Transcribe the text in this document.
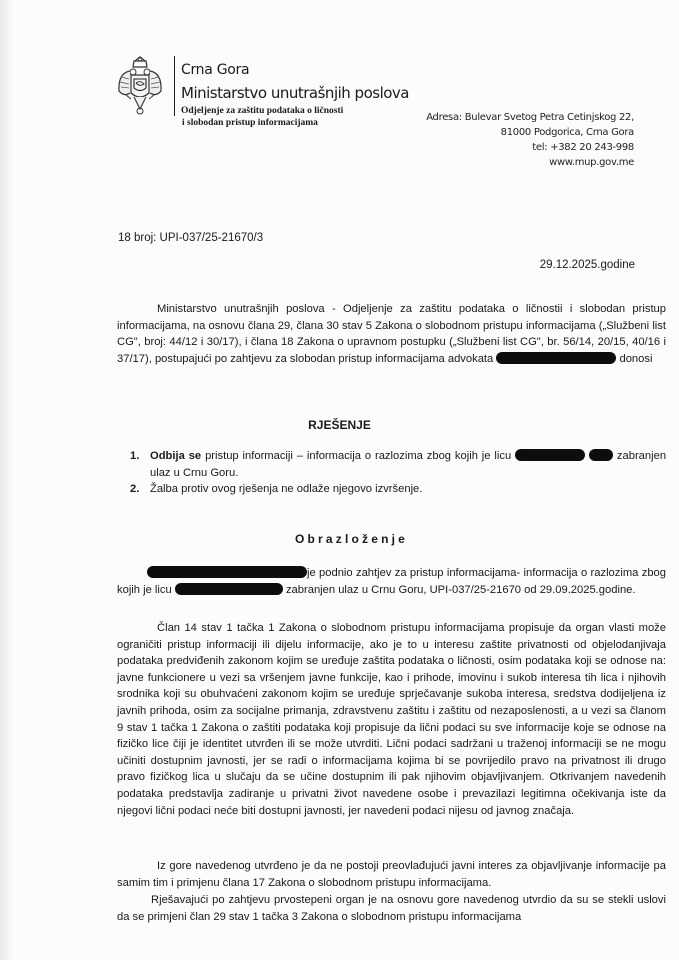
Crna Gora
Ministarstvo unutrašnjih poslova
Odjeljenje za zaštitu podataka o ličnosti
i slobodan pristup informacijama	Adresa: Bulevar Svetog Petra Cetinjskog 22,
81000 Podgorica, Crna Gora
tel: +382 20 243-998
www.mup.gov.me
18 broj: UPI-037/25-21670/3
29.12.2025.godine
Ministarstvo unutrašnjih poslova - Odjeljenje za zaštitu podataka o ličnostii i slobodan pristup informacijama, na osnovu člana 29, člana 30 stav 5 Zakona o slobodnom pristupu informacijama („Službeni list CG", broj: 44/12 i 30/17), i člana 18 Zakona o upravnom postupku („Službeni list CG", br. 56/14, 20/15, 40/16 i 37/17), postupajući po zahtjevu za slobodan pristup informacijama advokata	donosi
RJEŠENJE
1. Odbija se pristup informaciji – informacija o razlozima zbog kojih je licu	zabranjen ulaz u Crnu Goru.
2. Žalba protiv ovog rješenja ne odlaže njegovo izvršenje.
Obrazloženje
je podnio zahtjev za pristup informacijama- informacija o razlozima zbog kojih je licu	zabranjen ulaz u Crnu Goru, UPI-037/25-21670 od 29.09.2025.godine.
Član 14 stav 1 tačka 1 Zakona o slobodnom pristupu informacijama propisuje da organ vlasti može ograničiti pristup informaciji ili dijelu informacije, ako je to u interesu zaštite privatnosti od objelodanjivaja podataka predviđenih zakonom kojim se uređuje zaštita podataka o ličnosti, osim podataka koji se odnose na: javne funkcionere u vezi sa vršenjem javne funkcije, kao i prihode, imovinu i sukob interesa tih lica i njihovih srodnika koji su obuhvaćeni zakonom kojim se uređuje sprječavanje sukoba interesa, sredstva dodijeljena iz javnih prihoda, osim za socijalne primanja, zdravstvenu zaštitu i zaštitu od nezaposlenosti, a u vezi sa članom 9 stav 1 tačka 1 Zakona o zaštiti podataka koji propisuje da lični podaci su sve informacije koje se odnose na fizičko lice čiji je identitet utvrđen ili se može utvrditi. Lični podaci sadržani u traženoj informaciji se ne mogu učiniti dostupnim javnosti, jer se radi o informacijama kojima bi se povrijedilo pravo na privatnost ili drugo pravo fizičkog lica u slučaju da se učine dostupnim ili pak njihovim objavljivanjem. Otkrivanjem navedenih podataka predstavlja zadiranje u privatni život navedene osobe i prevazilazi legitimna očekivanja iste da njegovi lični podaci neće biti dostupni javnosti, jer navedeni podaci nijesu od javnog značaja.
Iz gore navedenog utvrđeno je da ne postoji preovlađujući javni interes za objavljivanje informacije pa samim tim i primjenu člana 17 Zakona o slobodnom pristupu informacijama.
Rješavajući po zahtjevu prvostepeni organ je na osnovu gore navedenog utvrdio da su se stekli uslovi da se primjeni član 29 stav 1 tačka 3 Zakona o slobodnom pristupu informacijama
